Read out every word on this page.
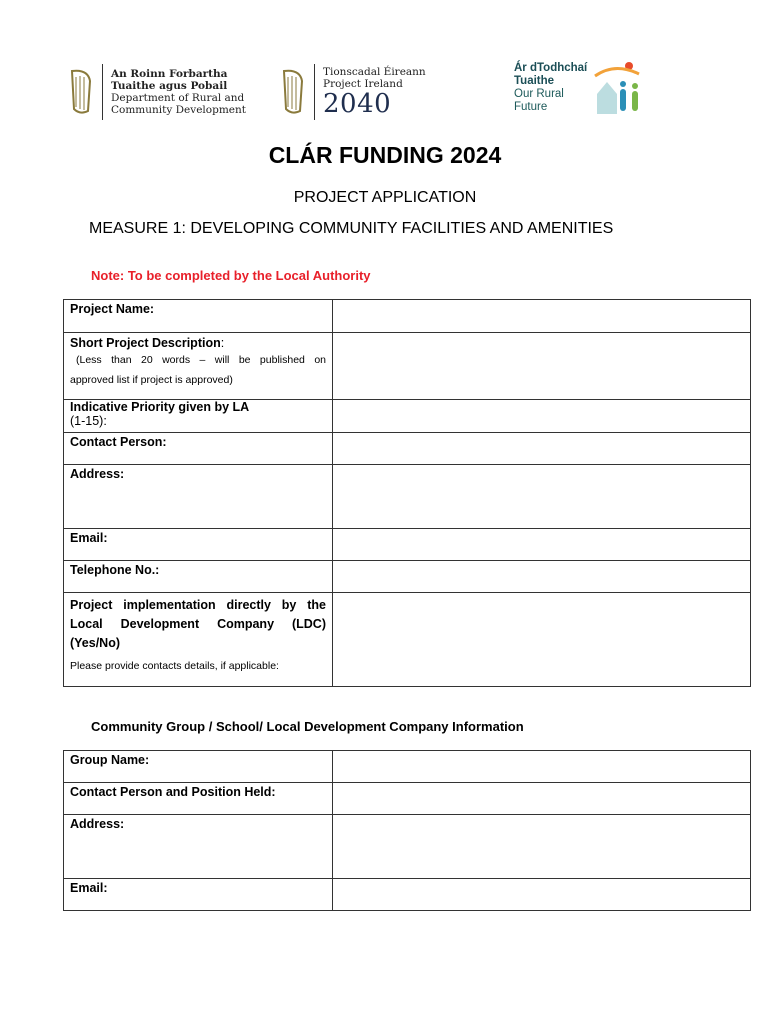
An Roinn Forbartha
Tuaithe agus Pobail
Department of Rural and
Community Development
Tionscadal Éireann
Project Ireland
2040
Ár dTodhchaí
Tuaithe
Our Rural
Future
CLÁR FUNDING 2024
PROJECT APPLICATION
MEASURE 1: DEVELOPING COMMUNITY FACILITIES AND AMENITIES
Note: To be completed by the Local Authority
Project Name:	

Short Project Description:
(Less than 20 words – will be published on
approved list if project is approved)	

Indicative Priority given by LA
(1-15):	

Contact Person:	
Address:	
Email:	
Telephone No.:	

Project implementation directly by the Local Development Company (LDC) (Yes/No)
Please provide contacts details, if applicable:	

Community Group / School/ Local Development Company Information
Group Name:	
Contact Person and Position Held:	
Address:	
Email:	
